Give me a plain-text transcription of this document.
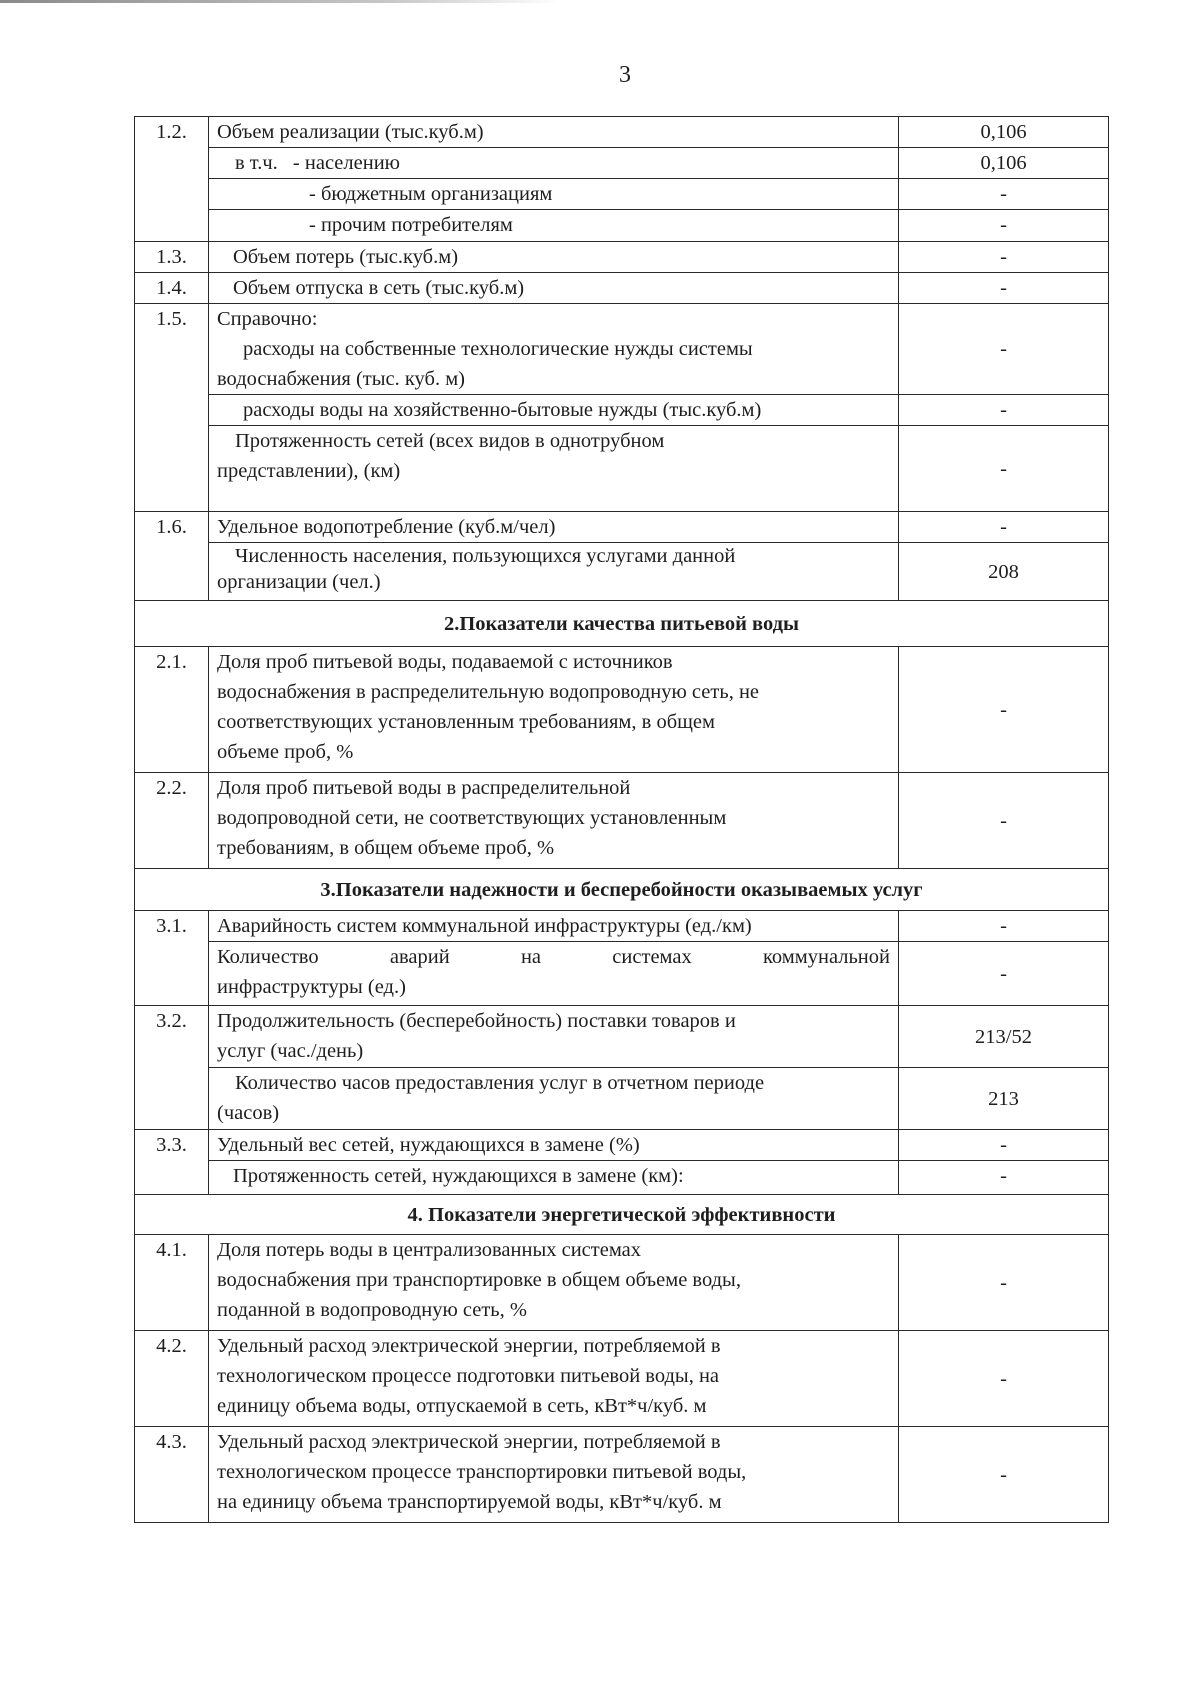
3
1.2.	Объем реализации (тыс.куб.м)	0,106
	в т.ч. - населению	0,106
	- бюджетным организациям	-
	- прочим потребителям	-
1.3.	Объем потерь (тыс.куб.м)	-
1.4.	Объем отпуска в сеть (тыс.куб.м)	-
1.5.	Справочно:
расходы на собственные технологические нужды системы
водоснабжения (тыс. куб. м)	-
	расходы воды на хозяйственно-бытовые нужды (тыс.куб.м)	-

	Протяженность сетей (всех видов в однотрубном
представлении), (км)	-
1.6.	Удельное водопотребление (куб.м/чел)	-

	Численность населения, пользующихся услугами данной
организации (чел.)	208
2.Показатели качества питьевой воды		
2.1.	Доля проб питьевой воды, подаваемой с источников
водоснабжения в распределительную водопроводную сеть, не
соответствующих установленным требованиям, в общем
объеме проб, %	-
2.2.	Доля проб питьевой воды в распределительной
водопроводной сети, не соответствующих установленным
требованиям, в общем объеме проб, %	-
3.Показатели надежности и бесперебойности оказываемых услуг		
3.1.	Аварийность систем коммунальной инфраструктуры (ед./км)	-

	Количество аварий на системах коммунальной
инфраструктуры (ед.)	-
3.2.	Продолжительность (бесперебойность) поставки товаров и
услуг (час./день)	213/52

	Количество часов предоставления услуг в отчетном периоде
(часов)	213
3.3.	Удельный вес сетей, нуждающихся в замене (%)	-
	Протяженность сетей, нуждающихся в замене (км):	-
4. Показатели энергетической эффективности		
4.1.	Доля потерь воды в централизованных системах
водоснабжения при транспортировке в общем объеме воды,
поданной в водопроводную сеть, %	-
4.2.	Удельный расход электрической энергии, потребляемой в
технологическом процессе подготовки питьевой воды, на
единицу объема воды, отпускаемой в сеть, кВт*ч/куб. м	-
4.3.	Удельный расход электрической энергии, потребляемой в
технологическом процессе транспортировки питьевой воды,
на единицу объема транспортируемой воды, кВт*ч/куб. м	-
